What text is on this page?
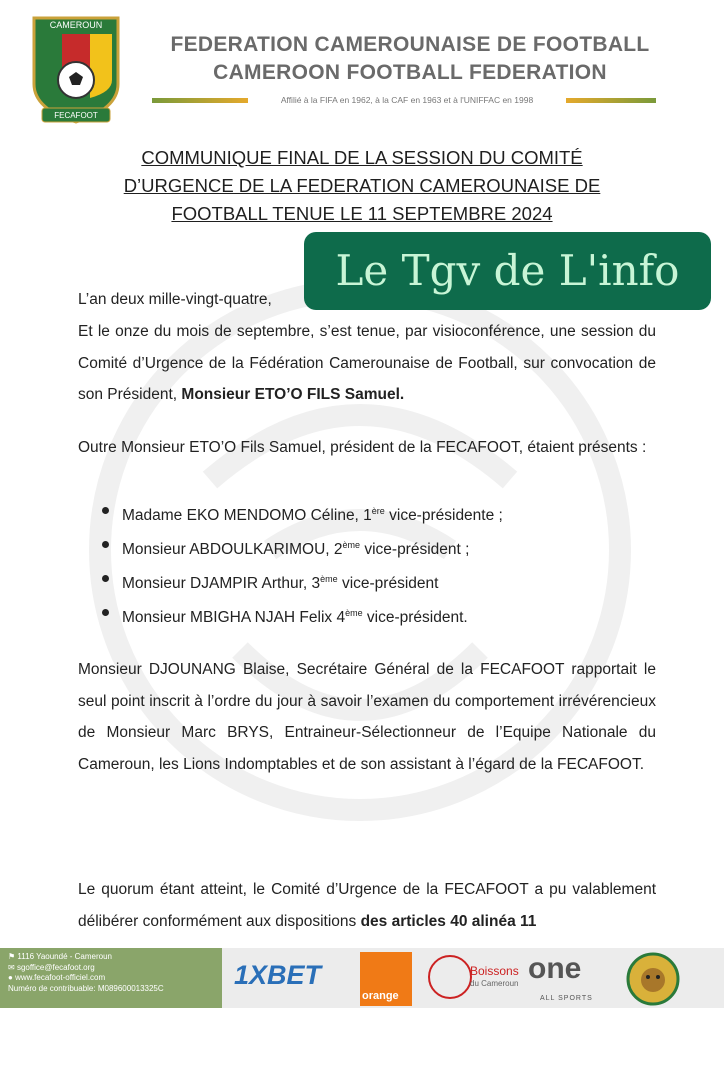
CAMEROUN
FECAFOOT
FEDERATION CAMEROUNAISE DE FOOTBALL
CAMEROON FOOTBALL FEDERATION
Affilié à la FIFA en 1962, à la CAF en 1963 et à l'UNIFFAC en 1998
COMMUNIQUE FINAL DE LA SESSION DU COMITÉ
D’URGENCE DE LA FEDERATION CAMEROUNAISE DE
FOOTBALL TENUE LE 11 SEPTEMBRE 2024
Le Tgv de L'info
L’an deux mille-vingt-quatre,
Et le onze du mois de septembre, s’est tenue, par visioconférence, une session du Comité d’Urgence de la Fédération Camerounaise de Football, sur convocation de son Président, Monsieur ETO’O FILS Samuel.
Outre Monsieur ETO’O Fils Samuel, président de la FECAFOOT, étaient présents :
Madame EKO MENDOMO Céline, 1ère vice-présidente ;
Monsieur ABDOULKARIMOU, 2ème vice-président ;
Monsieur DJAMPIR Arthur, 3ème vice-président
Monsieur MBIGHA NJAH Felix 4ème vice-président.
Monsieur DJOUNANG Blaise, Secrétaire Général de la FECAFOOT rapportait le seul point inscrit à l’ordre du jour à savoir l’examen du comportement irrévérencieux de Monsieur Marc BRYS, Entraineur-Sélectionneur de l’Equipe Nationale du Cameroun, les Lions Indomptables et de son assistant à l’égard de la FECAFOOT.
Le quorum étant atteint, le Comité d’Urgence de la FECAFOOT a pu valablement délibérer conformément aux dispositions des articles 40 alinéa 11
⚑ 1116 Yaoundé - Cameroun
✉ sgoffice@fecafoot.org
● www.fecafoot-officiel.com
Numéro de contribuable: M089600013325C	1XBET
orange
Boissons
du Cameroun one
ALL SPORTS
